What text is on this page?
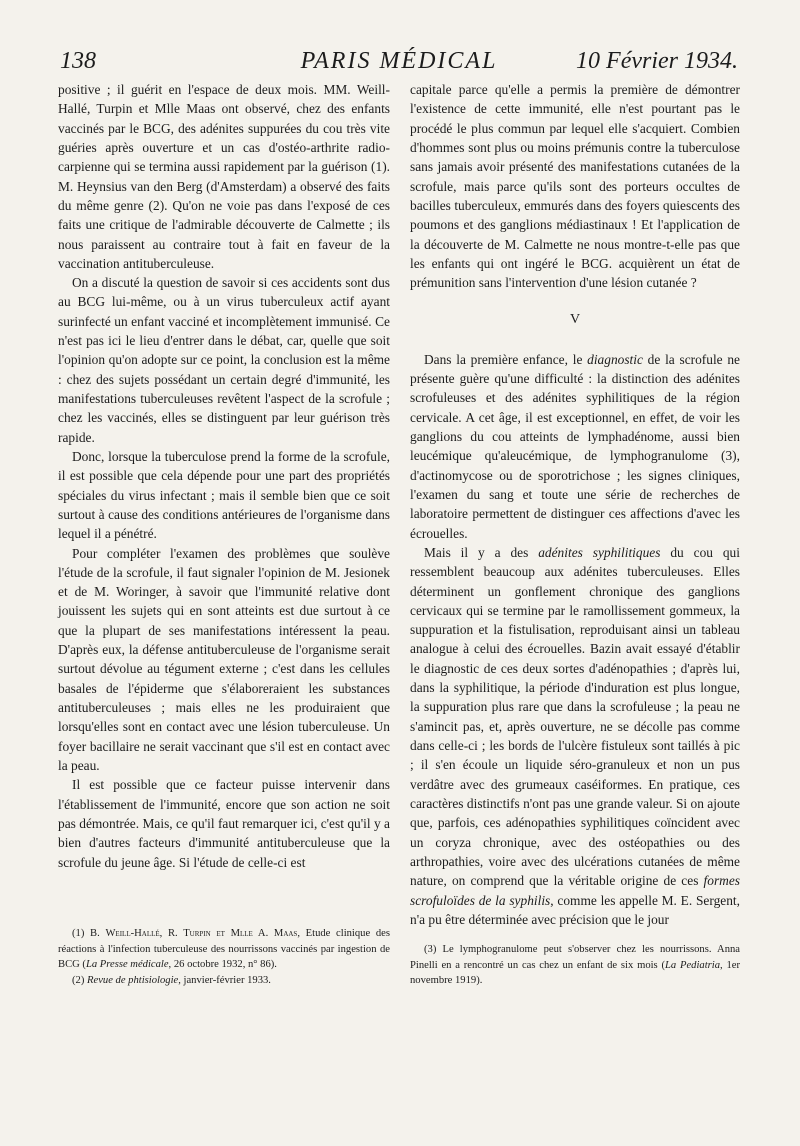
138	PARIS MÉDICAL	10 Février 1934.

positive ; il guérit en l'espace de deux mois. MM. Weill-Hallé, Turpin et Mlle Maas ont observé, chez des enfants vaccinés par le BCG, des adénites suppurées du cou très vite guéries après ouverture et un cas d'ostéo-arthrite radio-carpienne qui se termina aussi rapidement par la guérison (1). M. Heynsius van den Berg (d'Amsterdam) a observé des faits du même genre (2). Qu'on ne voie pas dans l'exposé de ces faits une critique de l'admirable découverte de Calmette ; ils nous paraissent au contraire tout à fait en faveur de la vaccination antituberculeuse.

On a discuté la question de savoir si ces accidents sont dus au BCG lui-même, ou à un virus tuberculeux actif ayant surinfecté un enfant vacciné et incomplètement immunisé. Ce n'est pas ici le lieu d'entrer dans le débat, car, quelle que soit l'opinion qu'on adopte sur ce point, la conclusion est la même : chez des sujets possédant un certain degré d'immunité, les manifestations tuberculeuses revêtent l'aspect de la scrofule ; chez les vaccinés, elles se distinguent par leur guérison très rapide.

Donc, lorsque la tuberculose prend la forme de la scrofule, il est possible que cela dépende pour une part des propriétés spéciales du virus infectant ; mais il semble bien que ce soit surtout à cause des conditions antérieures de l'organisme dans lequel il a pénétré.

Pour compléter l'examen des problèmes que soulève l'étude de la scrofule, il faut signaler l'opinion de M. Jesionek et de M. Woringer, à savoir que l'immunité relative dont jouissent les sujets qui en sont atteints est due surtout à ce que la plupart de ses manifestations intéressent la peau. D'après eux, la défense antituberculeuse de l'organisme serait surtout dévolue au tégument externe ; c'est dans les cellules basales de l'épiderme que s'élaboreraient les substances antituberculeuses ; mais elles ne les produiraient que lorsqu'elles sont en contact avec une lésion tuberculeuse. Un foyer bacillaire ne serait vaccinant que s'il est en contact avec la peau.

Il est possible que ce facteur puisse intervenir dans l'établissement de l'immunité, encore que son action ne soit pas démontrée. Mais, ce qu'il faut remarquer ici, c'est qu'il y a bien d'autres facteurs d'immunité antituberculeuse que la scrofule du jeune âge. Si l'étude de celle-ci est

(1) B. Weill-Hallé, R. Turpin et Mlle A. Maas, Etude clinique des réactions à l'infection tuberculeuse des nourrissons vaccinés par ingestion de BCG (La Presse médicale, 26 octobre 1932, n° 86).

(2) Revue de phtisiologie, janvier-février 1933.

capitale parce qu'elle a permis la première de démontrer l'existence de cette immunité, elle n'est pourtant pas le procédé le plus commun par lequel elle s'acquiert. Combien d'hommes sont plus ou moins prémunis contre la tuberculose sans jamais avoir présenté des manifestations cutanées de la scrofule, mais parce qu'ils sont des porteurs occultes de bacilles tuberculeux, emmurés dans des foyers quiescents des poumons et des ganglions médiastinaux ! Et l'application de la découverte de M. Calmette ne nous montre-t-elle pas que les enfants qui ont ingéré le BCG. acquièrent un état de prémunition sans l'intervention d'une lésion cutanée ?

V

Dans la première enfance, le diagnostic de la scrofule ne présente guère qu'une difficulté : la distinction des adénites scrofuleuses et des adénites syphilitiques de la région cervicale. A cet âge, il est exceptionnel, en effet, de voir les ganglions du cou atteints de lymphadénome, aussi bien leucémique qu'aleucémique, de lymphogranulome (3), d'actinomycose ou de sporotrichose ; les signes cliniques, l'examen du sang et toute une série de recherches de laboratoire permettent de distinguer ces affections d'avec les écrouelles.

Mais il y a des adénites syphilitiques du cou qui ressemblent beaucoup aux adénites tuberculeuses. Elles déterminent un gonflement chronique des ganglions cervicaux qui se termine par le ramollissement gommeux, la suppuration et la fistulisation, reproduisant ainsi un tableau analogue à celui des écrouelles. Bazin avait essayé d'établir le diagnostic de ces deux sortes d'adénopathies ; d'après lui, dans la syphilitique, la période d'induration est plus longue, la suppuration plus rare que dans la scrofuleuse ; la peau ne s'amincit pas, et, après ouverture, ne se décolle pas comme dans celle-ci ; les bords de l'ulcère fistuleux sont taillés à pic ; il s'en écoule un liquide séro-granuleux et non un pus verdâtre avec des grumeaux caséiformes. En pratique, ces caractères distinctifs n'ont pas une grande valeur. Si on ajoute que, parfois, ces adénopathies syphilitiques coïncident avec un coryza chronique, avec des ostéopathies ou des arthropathies, voire avec des ulcérations cutanées de même nature, on comprend que la véritable origine de ces formes scrofuloïdes de la syphilis, comme les appelle M. E. Sergent, n'a pu être déterminée avec précision que le jour

(3) Le lymphogranulome peut s'observer chez les nourrissons. Anna Pinelli en a rencontré un cas chez un enfant de six mois (La Pediatria, 1er novembre 1919).
